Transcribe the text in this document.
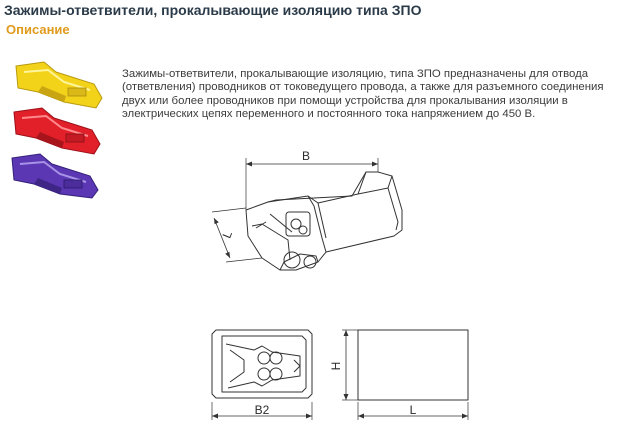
Зажимы-ответвители, прокалывающие изоляцию типа ЗПО
Описание

Зажимы-ответвители, прокалывающие изоляцию, типа ЗПО предназначены для отвода (ответвления) проводников от токоведущего провода, а также для разъемного соединения двух или более проводников при помощи устройства для прокалывания изоляции в электрических цепях переменного и постоянного тока напряжением до 450 В.

B
L
B2
H
L
